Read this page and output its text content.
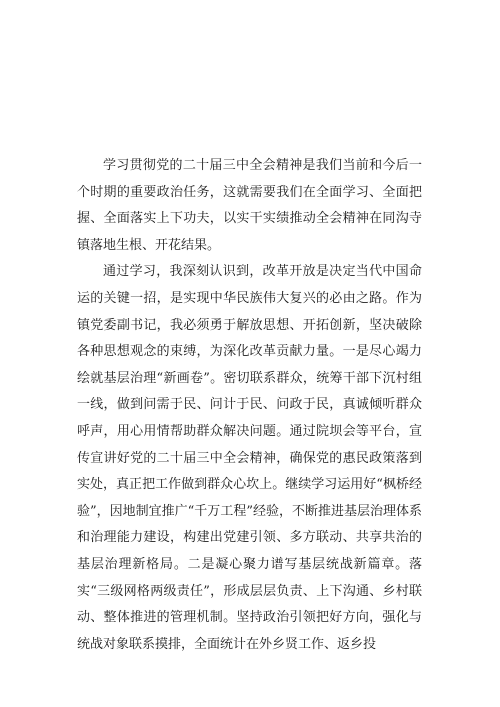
学习贯彻党的二十届三中全会精神是我们当前和今后一个时期的重要政治任务，这就需要我们在全面学习、全面把握、全面落实上下功夫，以实干实绩推动全会精神在同沟寺镇落地生根、开花结果。

通过学习，我深刻认识到，改革开放是决定当代中国命运的关键一招，是实现中华民族伟大复兴的必由之路。作为镇党委副书记，我必须勇于解放思想、开拓创新，坚决破除各种思想观念的束缚，为深化改革贡献力量。一是尽心竭力绘就基层治理“新画卷”。密切联系群众，统筹干部下沉村组一线，做到问需于民、问计于民、问政于民，真诚倾听群众呼声，用心用情帮助群众解决问题。通过院坝会等平台，宣传宣讲好党的二十届三中全会精神，确保党的惠民政策落到实处，真正把工作做到群众心坎上。继续学习运用好“枫桥经验”，因地制宜推广“千万工程”经验，不断推进基层治理体系和治理能力建设，构建出党建引领、多方联动、共享共治的基层治理新格局。二是凝心聚力谱写基层统战新篇章。落实“三级网格两级责任”，形成层层负责、上下沟通、乡村联动、整体推进的管理机制。坚持政治引领把好方向，强化与统战对象联系摸排，全面统计在外乡贤工作、返乡投
